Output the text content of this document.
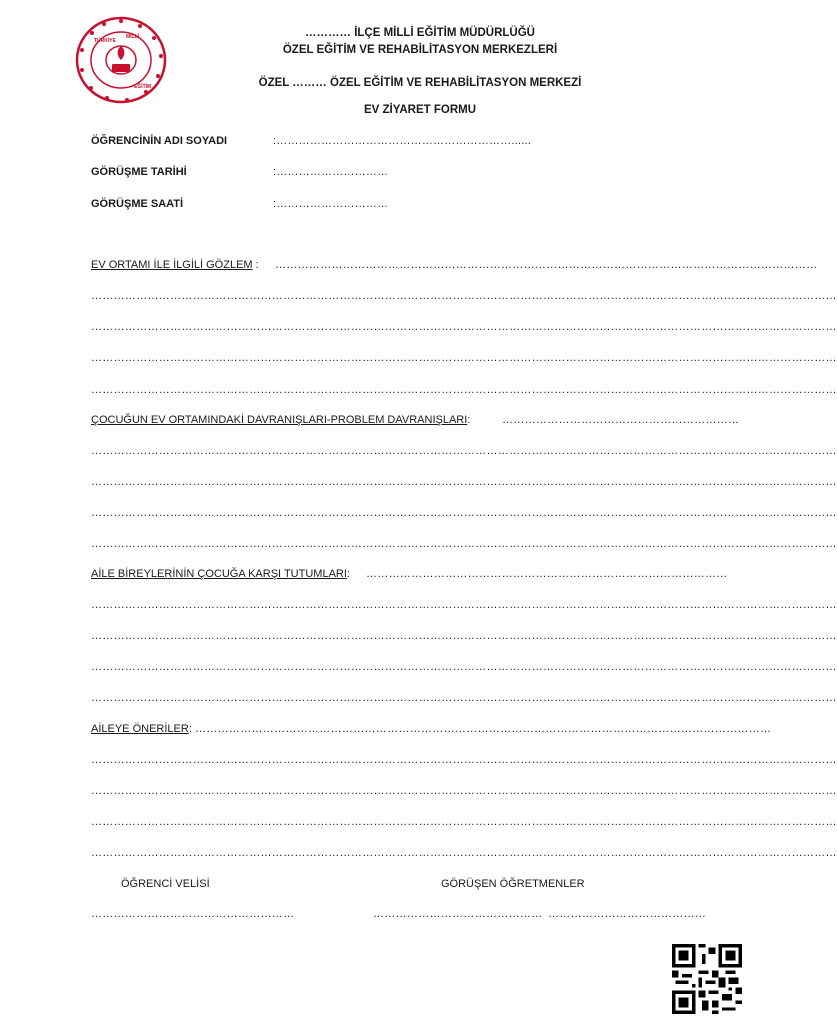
TÜRKİYE
MİLLÎ
EĞİTİM
………… İLÇE MİLLİ EĞİTİM MÜDÜRLÜĞÜ
ÖZEL EĞİTİM VE REHABİLİTASYON MERKEZLERİ
ÖZEL ……… ÖZEL EĞİTİM VE REHABİLİTASYON MERKEZİ
EV ZİYARET FORMU
ÖĞRENCİNİN ADI SOYADI	:………………………………………………………......
GÖRÜŞME TARİHİ	:…………………………
GÖRÜŞME SAATİ	:…………………………
EV ORTAMI İLE İLGİLİ GÖZLEM : ………………………………………………………………………………………………………………………………
………………………………………………………………………………………………………………………………………………………………………………
………………………………………………………………………………………………………………………………………………………………………………
………………………………………………………………………………………………………………………………………………………………………………
………………………………………………………………………………………………………………………………………………………………………………
ÇOCUĞUN EV ORTAMINDAKİ DAVRANIŞLARI-PROBLEM DAVRANIŞLARI:	………………………………………………………
………………………………………………………………………………………………………………………………………………………………………………
………………………………………………………………………………………………………………………………………………………………………………
………………………………………………………………………………………………………………………………………………………………………………
………………………………………………………………………………………………………………………………………………………………………………
AİLE BİREYLERİNİN ÇOCUĞA KARŞI TUTUMLARI: ……………………………………………………………………………………
………………………………………………………………………………………………………………………………………………………………………………
………………………………………………………………………………………………………………………………………………………………………………
………………………………………………………………………………………………………………………………………………………………………………
………………………………………………………………………………………………………………………………………………………………………………
AİLEYE ÖNERİLER: ………………………………………………………………………………………………………………………………………
………………………………………………………………………………………………………………………………………………………………………………
………………………………………………………………………………………………………………………………………………………………………………
………………………………………………………………………………………………………………………………………………………………………………
………………………………………………………………………………………………………………………………………………………………………………
ÖĞRENCİ VELİSİ	GÖRÜŞEN ÖĞRETMENLER
………………………………………………	……………………………………… ……………………………………
